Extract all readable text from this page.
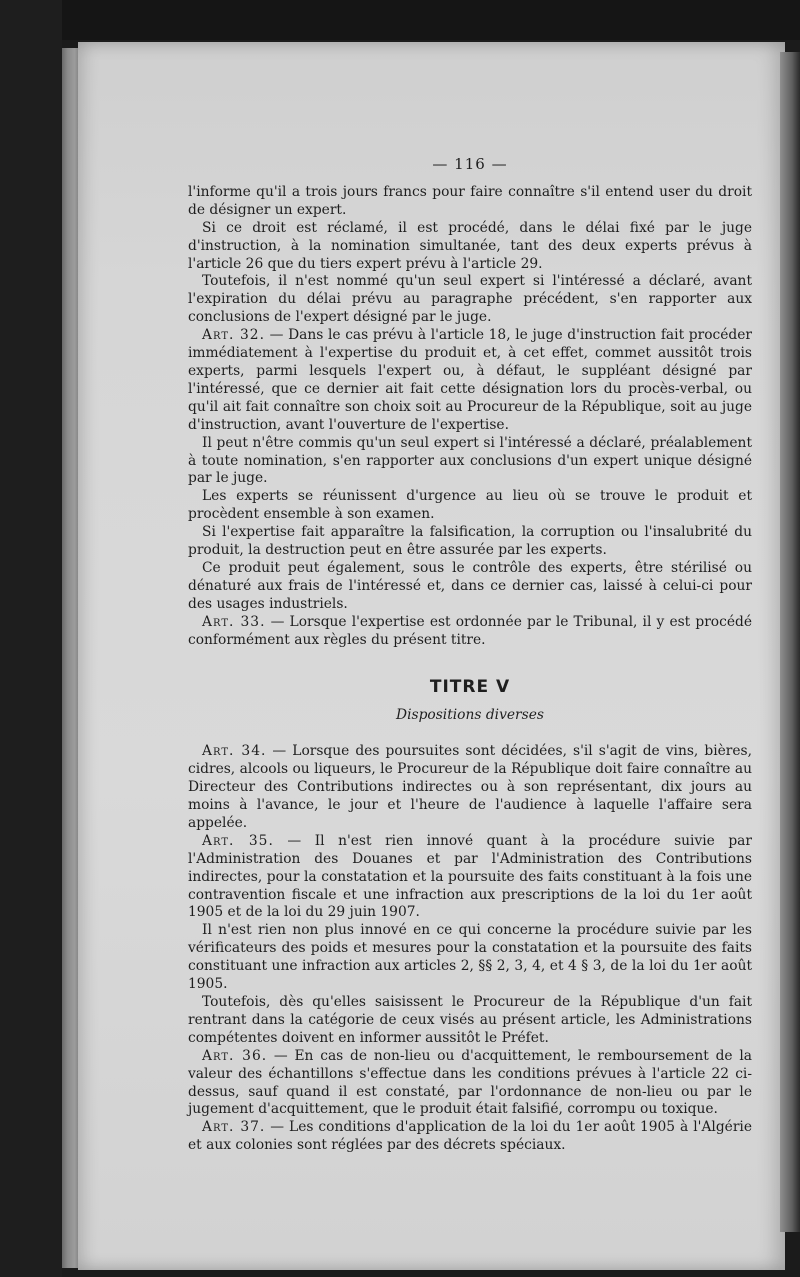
— 116 —

l'informe qu'il a trois jours francs pour faire connaître s'il entend user du droit de désigner un expert.

Si ce droit est réclamé, il est procédé, dans le délai fixé par le juge d'instruction, à la nomination simultanée, tant des deux experts prévus à l'article 26 que du tiers expert prévu à l'article 29.

Toutefois, il n'est nommé qu'un seul expert si l'intéressé a déclaré, avant l'expiration du délai prévu au paragraphe précédent, s'en rapporter aux conclusions de l'expert désigné par le juge.

Art. 32. — Dans le cas prévu à l'article 18, le juge d'instruction fait procéder immédiatement à l'expertise du produit et, à cet effet, commet aussitôt trois experts, parmi lesquels l'expert ou, à défaut, le suppléant désigné par l'intéressé, que ce dernier ait fait cette désignation lors du procès-verbal, ou qu'il ait fait connaître son choix soit au Procureur de la République, soit au juge d'instruction, avant l'ouverture de l'expertise.

Il peut n'être commis qu'un seul expert si l'intéressé a déclaré, préalablement à toute nomination, s'en rapporter aux conclusions d'un expert unique désigné par le juge.

Les experts se réunissent d'urgence au lieu où se trouve le produit et procèdent ensemble à son examen.

Si l'expertise fait apparaître la falsification, la corruption ou l'insalubrité du produit, la destruction peut en être assurée par les experts.

Ce produit peut également, sous le contrôle des experts, être stérilisé ou dénaturé aux frais de l'intéressé et, dans ce dernier cas, laissé à celui-ci pour des usages industriels.

Art. 33. — Lorsque l'expertise est ordonnée par le Tribunal, il y est procédé conformément aux règles du présent titre.

TITRE V
Dispositions diverses

Art. 34. — Lorsque des poursuites sont décidées, s'il s'agit de vins, bières, cidres, alcools ou liqueurs, le Procureur de la République doit faire connaître au Directeur des Contributions indirectes ou à son représentant, dix jours au moins à l'avance, le jour et l'heure de l'audience à laquelle l'affaire sera appelée.

Art. 35. — Il n'est rien innové quant à la procédure suivie par l'Administration des Douanes et par l'Administration des Contributions indirectes, pour la constatation et la poursuite des faits constituant à la fois une contravention fiscale et une infraction aux prescriptions de la loi du 1er août 1905 et de la loi du 29 juin 1907.

Il n'est rien non plus innové en ce qui concerne la procédure suivie par les vérificateurs des poids et mesures pour la constatation et la poursuite des faits constituant une infraction aux articles 2, §§ 2, 3, 4, et 4 § 3, de la loi du 1er août 1905.

Toutefois, dès qu'elles saisissent le Procureur de la République d'un fait rentrant dans la catégorie de ceux visés au présent article, les Administrations compétentes doivent en informer aussitôt le Préfet.

Art. 36. — En cas de non-lieu ou d'acquittement, le remboursement de la valeur des échantillons s'effectue dans les conditions prévues à l'article 22 ci-dessus, sauf quand il est constaté, par l'ordonnance de non-lieu ou par le jugement d'acquittement, que le produit était falsifié, corrompu ou toxique.

Art. 37. — Les conditions d'application de la loi du 1er août 1905 à l'Algérie et aux colonies sont réglées par des décrets spéciaux.
